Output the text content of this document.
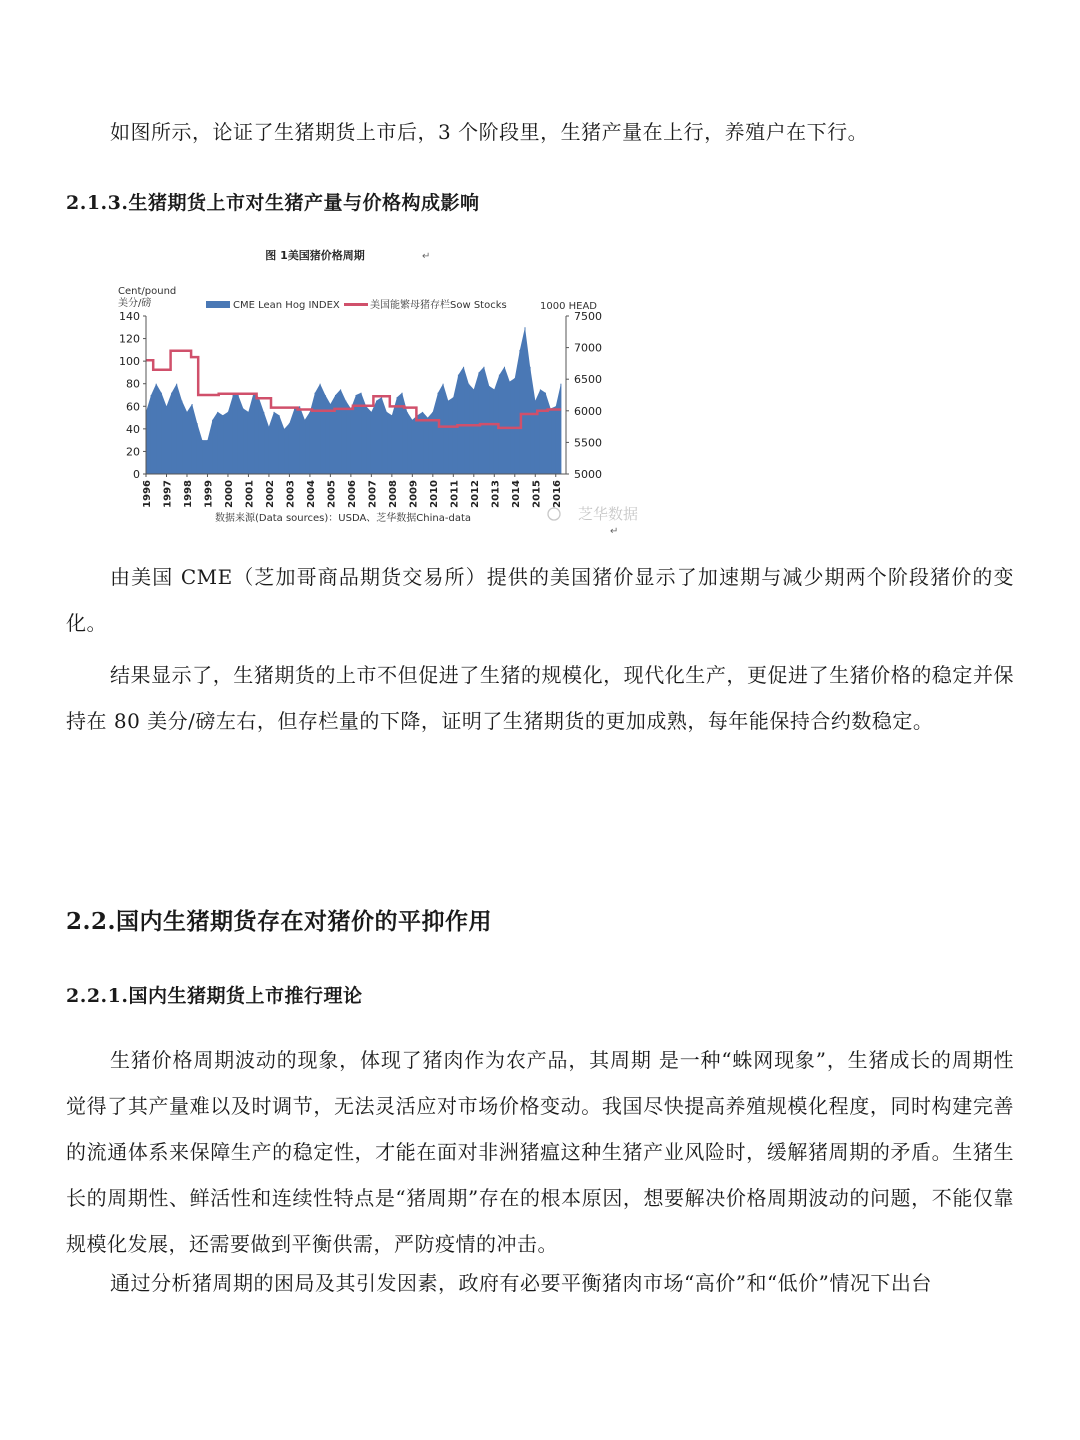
如图所示，论证了生猪期货上市后，3 个阶段里，生猪产量在上行，养殖户在下行。

2.1.3.生猪期货上市对生猪产量与价格构成影响
图 1美国猪价格周期	↵
Cent/pound
美分/磅	1000 HEAD
CME Lean Hog INDEX	美国能繁母猪存栏Sow Stocks
0
20
40
60
80
100
120
140
5000
5500
6000
6500
7000
7500
1996 1997 1998 1999 2000 2001 2002 2003 2004 2005 2006 2007 2008 2009 2010 2011 2012 2013 2014 2015 2016
数据来源(Data sources)：USDA、芝华数据China-data	芝华数据
↵

由美国 CME（芝加哥商品期货交易所）提供的美国猪价显示了加速期与减少期两个阶段猪价的变化。

结果显示了，生猪期货的上市不但促进了生猪的规模化，现代化生产，更促进了生猪价格的稳定并保持在 80 美分/磅左右，但存栏量的下降，证明了生猪期货的更加成熟，每年能保持合约数稳定。

2.2.国内生猪期货存在对猪价的平抑作用
2.2.1.国内生猪期货上市推行理论

生猪价格周期波动的现象，体现了猪肉作为农产品，其周期 是一种“蛛网现象”，生猪成长的周期性觉得了其产量难以及时调节，无法灵活应对市场价格变动。我国尽快提高养殖规模化程度，同时构建完善的流通体系来保障生产的稳定性，才能在面对非洲猪瘟这种生猪产业风险时，缓解猪周期的矛盾。生猪生长的周期性、鲜活性和连续性特点是“猪周期”存在的根本原因，想要解决价格周期波动的问题，不能仅靠规模化发展，还需要做到平衡供需，严防疫情的冲击。

通过分析猪周期的困局及其引发因素，政府有必要平衡猪肉市场“高价”和“低价”情况下出台
